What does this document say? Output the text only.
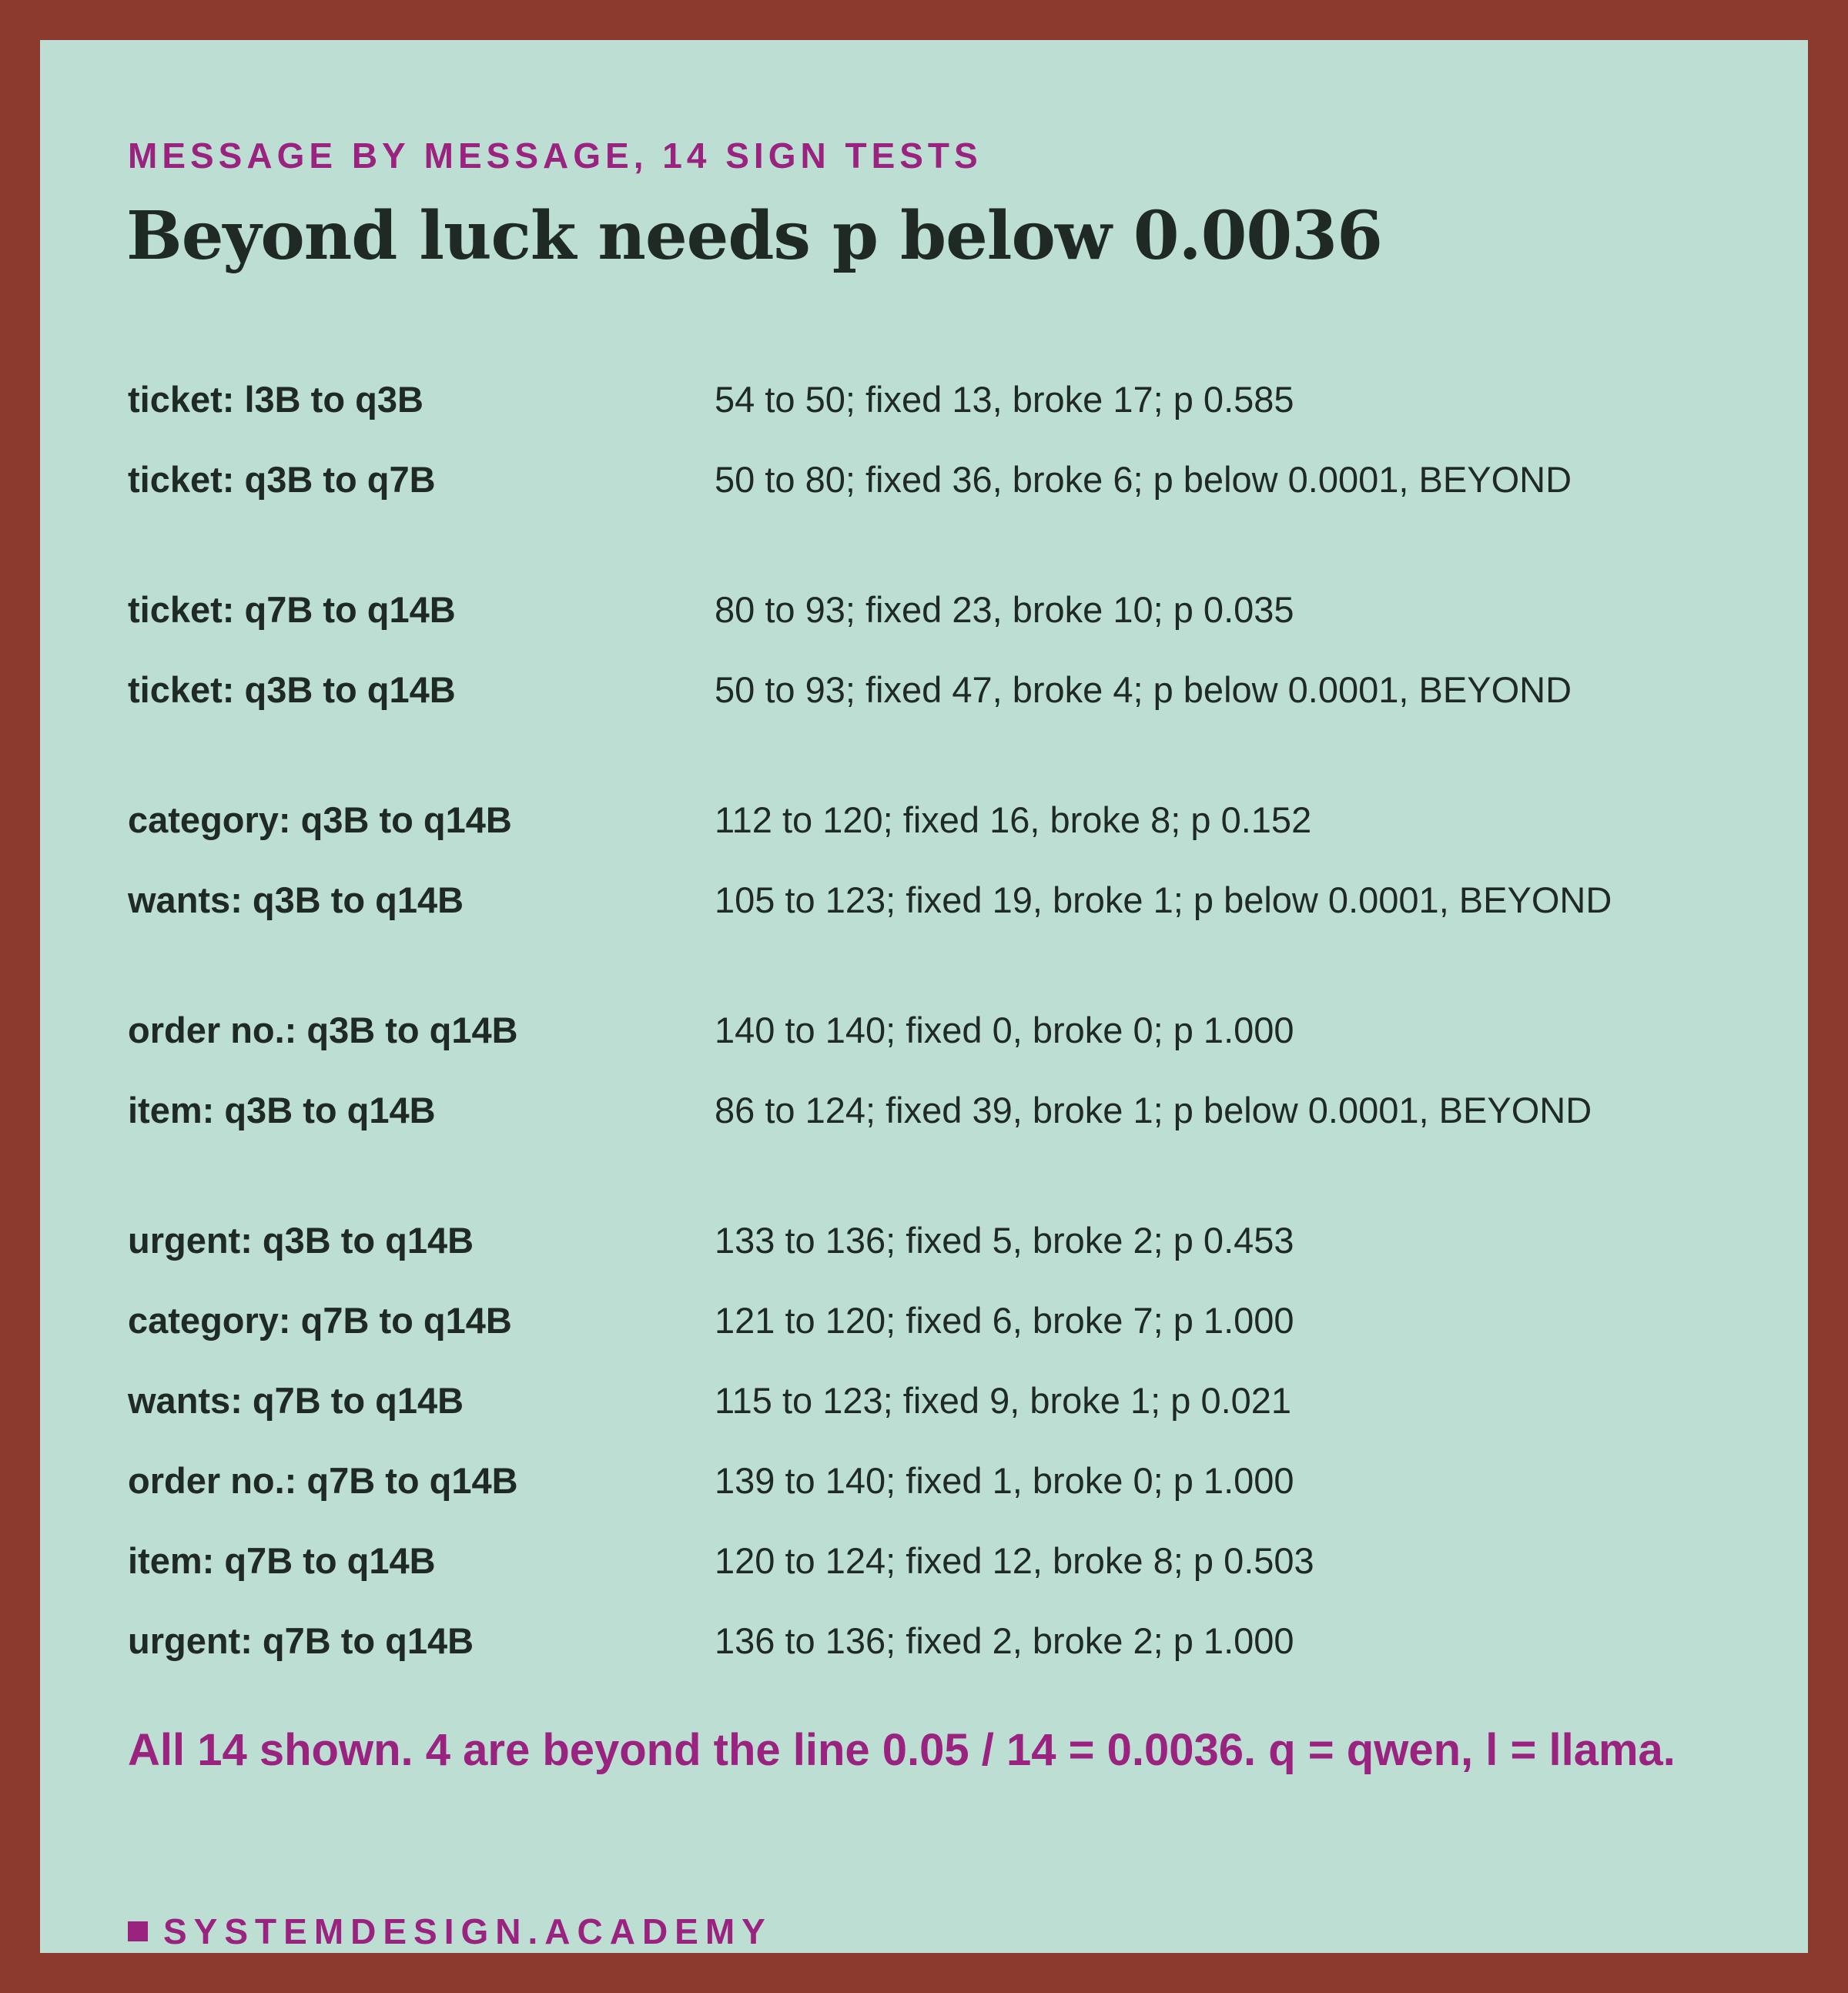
MESSAGE BY MESSAGE, 14 SIGN TESTS

Beyond luck needs p below 0.0036
ticket: l3B to q3B	54 to 50; fixed 13, broke 17; p 0.585
ticket: q3B to q7B	50 to 80; fixed 36, broke 6; p below 0.0001, BEYOND
ticket: q7B to q14B	80 to 93; fixed 23, broke 10; p 0.035
ticket: q3B to q14B	50 to 93; fixed 47, broke 4; p below 0.0001, BEYOND
category: q3B to q14B	112 to 120; fixed 16, broke 8; p 0.152
wants: q3B to q14B	105 to 123; fixed 19, broke 1; p below 0.0001, BEYOND
order no.: q3B to q14B	140 to 140; fixed 0, broke 0; p 1.000
item: q3B to q14B	86 to 124; fixed 39, broke 1; p below 0.0001, BEYOND
urgent: q3B to q14B	133 to 136; fixed 5, broke 2; p 0.453
category: q7B to q14B	121 to 120; fixed 6, broke 7; p 1.000
wants: q7B to q14B	115 to 123; fixed 9, broke 1; p 0.021
order no.: q7B to q14B	139 to 140; fixed 1, broke 0; p 1.000
item: q7B to q14B	120 to 124; fixed 12, broke 8; p 0.503
urgent: q7B to q14B	136 to 136; fixed 2, broke 2; p 1.000

All 14 shown. 4 are beyond the line 0.05 / 14 = 0.0036. q = qwen, l = llama.

SYSTEMDESIGN.ACADEMY
